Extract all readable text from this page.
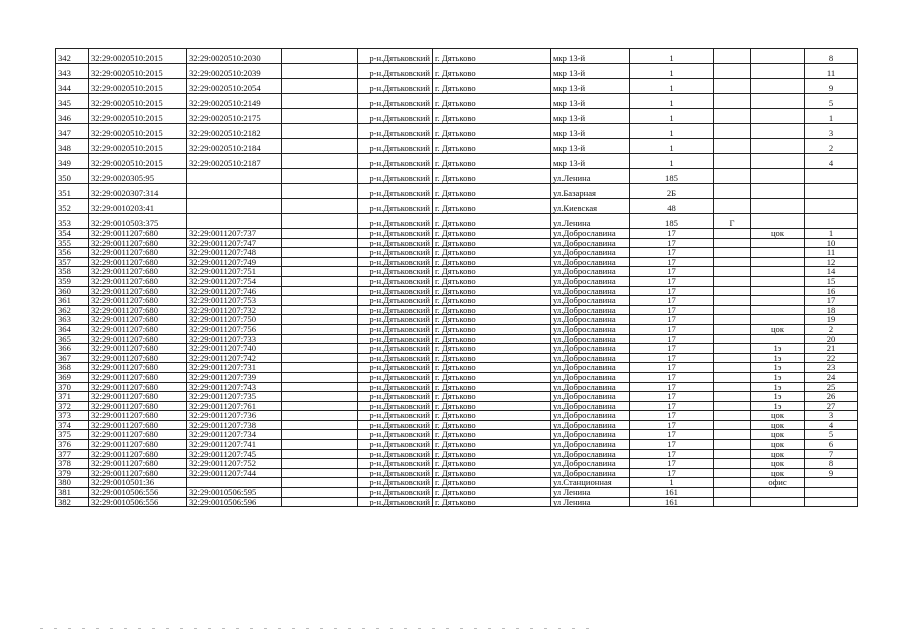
342	32:29:0020510:2015	32:29:0020510:2030		р-н.Дятьковский	г. Дятьково	мкр 13-й	1			8
343	32:29:0020510:2015	32:29:0020510:2039		р-н.Дятьковский	г. Дятьково	мкр 13-й	1			11
344	32:29:0020510:2015	32:29:0020510:2054		р-н.Дятьковский	г. Дятьково	мкр 13-й	1			9
345	32:29:0020510:2015	32:29:0020510:2149		р-н.Дятьковский	г. Дятьково	мкр 13-й	1			5
346	32:29:0020510:2015	32:29:0020510:2175		р-н.Дятьковский	г. Дятьково	мкр 13-й	1			1
347	32:29:0020510:2015	32:29:0020510:2182		р-н.Дятьковский	г. Дятьково	мкр 13-й	1			3
348	32:29:0020510:2015	32:29:0020510:2184		р-н.Дятьковский	г. Дятьково	мкр 13-й	1			2
349	32:29:0020510:2015	32:29:0020510:2187		р-н.Дятьковский	г. Дятьково	мкр 13-й	1			4
350	32:29:0020305:95			р-н.Дятьковский	г. Дятьково	ул.Ленина	185			
351	32:29:0020307:314			р-н.Дятьковский	г. Дятьково	ул.Базарная	2Б			
352	32:29:0010203:41			р-н.Дятьковский	г. Дятьково	ул.Киевская	48			
353	32:29:0010503:375			р-н.Дятьковский	г. Дятьково	ул.Ленина	185	Г		
354	32:29:0011207:680	32:29:0011207:737		р-н.Дятьковский	г. Дятьково	ул.Доброславина	17		цок	1
355	32:29:0011207:680	32:29:0011207:747		р-н.Дятьковский	г. Дятьково	ул.Доброславина	17			10
356	32:29:0011207:680	32:29:0011207:748		р-н.Дятьковский	г. Дятьково	ул.Доброславина	17			11
357	32:29:0011207:680	32:29:0011207:749		р-н.Дятьковский	г. Дятьково	ул.Доброславина	17			12
358	32:29:0011207:680	32:29:0011207:751		р-н.Дятьковский	г. Дятьково	ул.Доброславина	17			14
359	32:29:0011207:680	32:29:0011207:754		р-н.Дятьковский	г. Дятьково	ул.Доброславина	17			15
360	32:29:0011207:680	32:29:0011207:746		р-н.Дятьковский	г. Дятьково	ул.Доброславина	17			16
361	32:29:0011207:680	32:29:0011207:753		р-н.Дятьковский	г. Дятьково	ул.Доброславина	17			17
362	32:29:0011207:680	32:29:0011207:732		р-н.Дятьковский	г. Дятьково	ул.Доброславина	17			18
363	32:29:0011207:680	32:29:0011207:750		р-н.Дятьковский	г. Дятьково	ул.Доброславина	17			19
364	32:29:0011207:680	32:29:0011207:756		р-н.Дятьковский	г. Дятьково	ул.Доброславина	17		цок	2
365	32:29:0011207:680	32:29:0011207:733		р-н.Дятьковский	г. Дятьково	ул.Доброславина	17			20
366	32:29:0011207:680	32:29:0011207:740		р-н.Дятьковский	г. Дятьково	ул.Доброславина	17		1э	21
367	32:29:0011207:680	32:29:0011207:742		р-н.Дятьковский	г. Дятьково	ул.Доброславина	17		1э	22
368	32:29:0011207:680	32:29:0011207:731		р-н.Дятьковский	г. Дятьково	ул.Доброславина	17		1э	23
369	32:29:0011207:680	32:29:0011207:739		р-н.Дятьковский	г. Дятьково	ул.Доброславина	17		1э	24
370	32:29:0011207:680	32:29:0011207:743		р-н.Дятьковский	г. Дятьково	ул.Доброславина	17		1э	25
371	32:29:0011207:680	32:29:0011207:735		р-н.Дятьковский	г. Дятьково	ул.Доброславина	17		1э	26
372	32:29:0011207:680	32:29:0011207:761		р-н.Дятьковский	г. Дятьково	ул.Доброславина	17		1э	27
373	32:29:0011207:680	32:29:0011207:736		р-н.Дятьковский	г. Дятьково	ул.Доброславина	17		цок	3
374	32:29:0011207:680	32:29:0011207:738		р-н.Дятьковский	г. Дятьково	ул.Доброславина	17		цок	4
375	32:29:0011207:680	32:29:0011207:734		р-н.Дятьковский	г. Дятьково	ул.Доброславина	17		цок	5
376	32:29:0011207:680	32:29:0011207:741		р-н.Дятьковский	г. Дятьково	ул.Доброславина	17		цок	6
377	32:29:0011207:680	32:29:0011207:745		р-н.Дятьковский	г. Дятьково	ул.Доброславина	17		цок	7
378	32:29:0011207:680	32:29:0011207:752		р-н.Дятьковский	г. Дятьково	ул.Доброславина	17		цок	8
379	32:29:0011207:680	32:29:0011207:744		р-н.Дятьковский	г. Дятьково	ул.Доброславина	17		цок	9
380	32:29:0010501:36			р-н.Дятьковский	г. Дятьково	ул.Станционная	1		офис	
381	32:29:0010506:556	32:29:0010506:595		р-н.Дятьковский	г. Дятьково	ул Ленина	161			
382	32:29:0010506:556	32:29:0010506:596		р-н.Дятьковский	г. Дятьково	ул Ленина	161			
